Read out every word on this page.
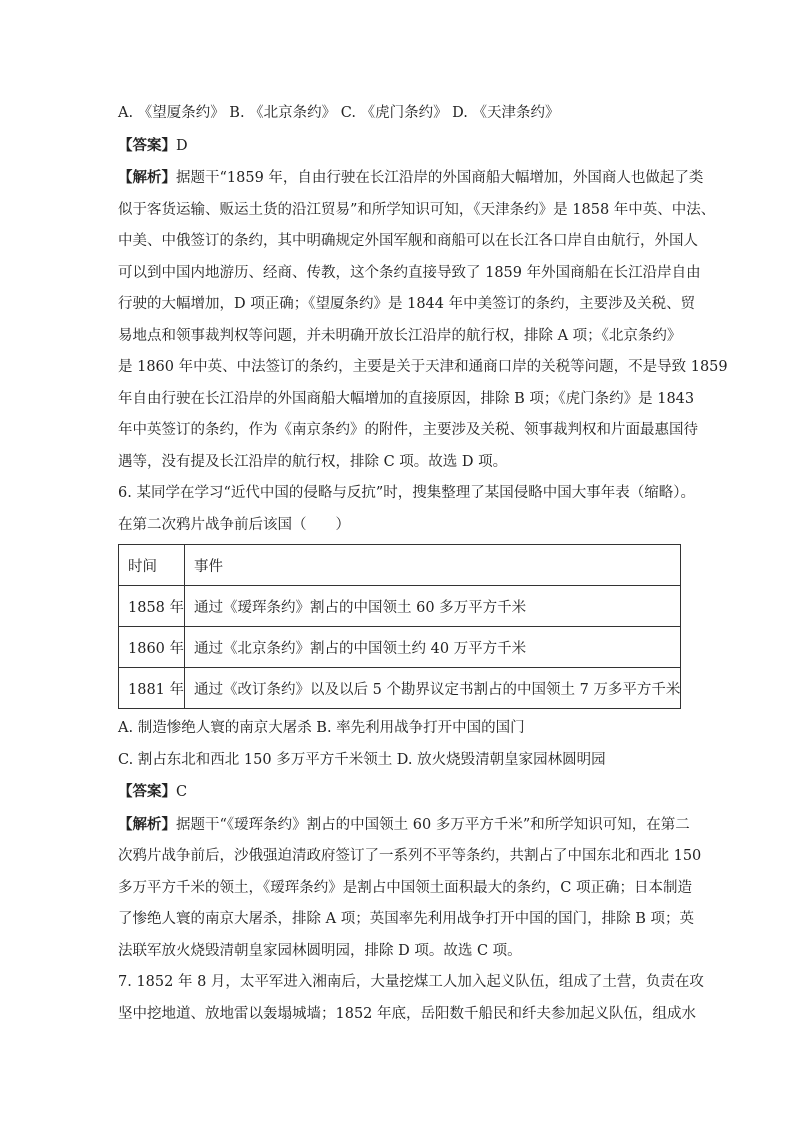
A. 《望厦条约》 B. 《北京条约》 C. 《虎门条约》 D. 《天津条约》
【答案】D
【解析】据题干“1859 年，自由行驶在长江沿岸的外国商船大幅增加，外国商人也做起了类
似于客货运输、贩运土货的沿江贸易”和所学知识可知，《天津条约》是 1858 年中英、中法、
中美、中俄签订的条约，其中明确规定外国军舰和商船可以在长江各口岸自由航行，外国人
可以到中国内地游历、经商、传教，这个条约直接导致了 1859 年外国商船在长江沿岸自由
行驶的大幅增加，D 项正确；《望厦条约》是 1844 年中美签订的条约，主要涉及关税、贸
易地点和领事裁判权等问题，并未明确开放长江沿岸的航行权，排除 A 项；《北京条约》
是 1860 年中英、中法签订的条约，主要是关于天津和通商口岸的关税等问题，不是导致 1859
年自由行驶在长江沿岸的外国商船大幅增加的直接原因，排除 B 项；《虎门条约》是 1843
年中英签订的条约，作为《南京条约》的附件，主要涉及关税、领事裁判权和片面最惠国待
遇等，没有提及长江沿岸的航行权，排除 C 项。故选 D 项。
6. 某同学在学习“近代中国的侵略与反抗”时，搜集整理了某国侵略中国大事年表（缩略）。
在第二次鸦片战争前后该国（　　）
时间	事件
1858 年	通过《瑷珲条约》割占的中国领土 60 多万平方千米
1860 年	通过《北京条约》割占的中国领土约 40 万平方千米
1881 年	通过《改订条约》以及以后 5 个勘界议定书割占的中国领土 7 万多平方千米
A. 制造惨绝人寰的南京大屠杀 B. 率先利用战争打开中国的国门
C. 割占东北和西北 150 多万平方千米领土 D. 放火烧毁清朝皇家园林圆明园
【答案】C
【解析】据题干“《瑷珲条约》割占的中国领土 60 多万平方千米”和所学知识可知，在第二
次鸦片战争前后，沙俄强迫清政府签订了一系列不平等条约，共割占了中国东北和西北 150
多万平方千米的领土，《瑷珲条约》是割占中国领土面积最大的条约，C 项正确；日本制造
了惨绝人寰的南京大屠杀，排除 A 项；英国率先利用战争打开中国的国门，排除 B 项；英
法联军放火烧毁清朝皇家园林圆明园，排除 D 项。故选 C 项。
7. 1852 年 8 月，太平军进入湘南后，大量挖煤工人加入起义队伍，组成了土营，负责在攻
坚中挖地道、放地雷以轰塌城墙；1852 年底，岳阳数千船民和纤夫参加起义队伍，组成水
